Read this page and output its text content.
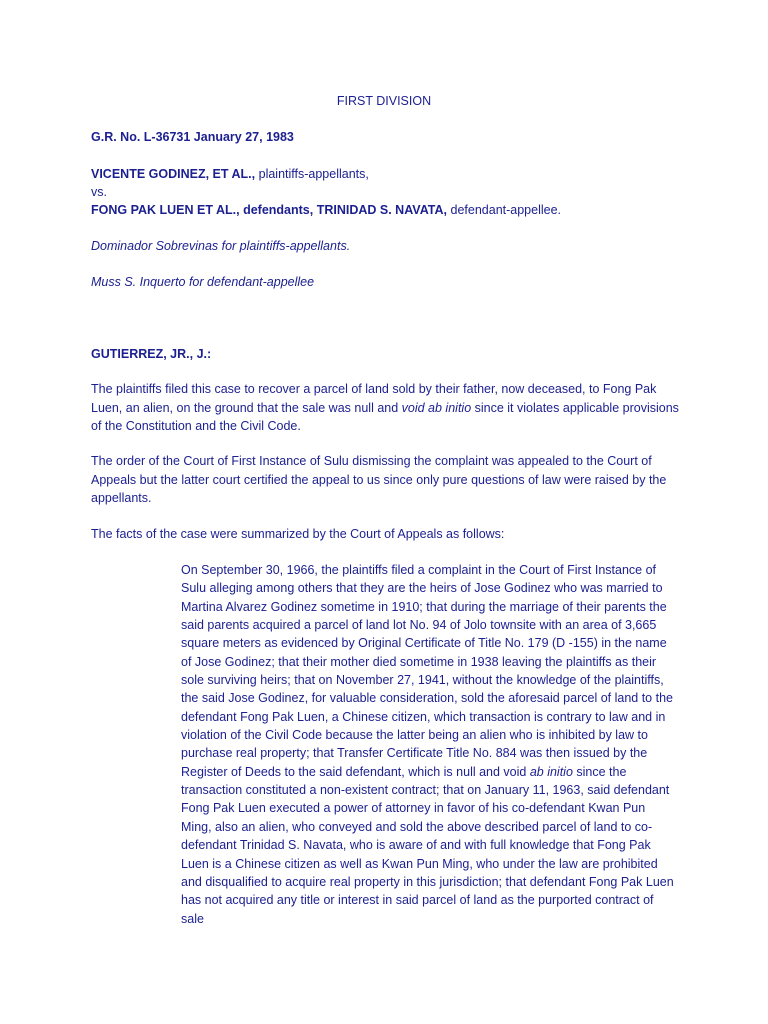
FIRST DIVISION
G.R. No. L-36731 January 27, 1983
VICENTE GODINEZ, ET AL., plaintiffs-appellants,
vs.
FONG PAK LUEN ET AL., defendants, TRINIDAD S. NAVATA, defendant-appellee.
Dominador Sobrevinas for plaintiffs-appellants.
Muss S. Inquerto for defendant-appellee
GUTIERREZ, JR., J.:

The plaintiffs filed this case to recover a parcel of land sold by their father, now deceased, to Fong Pak Luen, an alien, on the ground that the sale was null and void ab initio since it violates applicable provisions of the Constitution and the Civil Code.

The order of the Court of First Instance of Sulu dismissing the complaint was appealed to the Court of Appeals but the latter court certified the appeal to us since only pure questions of law were raised by the appellants.

The facts of the case were summarized by the Court of Appeals as follows:

On September 30, 1966, the plaintiffs filed a complaint in the Court of First Instance of Sulu alleging among others that they are the heirs of Jose Godinez who was married to Martina Alvarez Godinez sometime in 1910; that during the marriage of their parents the said parents acquired a parcel of land lot No. 94 of Jolo townsite with an area of 3,665 square meters as evidenced by Original Certificate of Title No. 179 (D -155) in the name of Jose Godinez; that their mother died sometime in 1938 leaving the plaintiffs as their sole surviving heirs; that on November 27, 1941, without the knowledge of the plaintiffs, the said Jose Godinez, for valuable consideration, sold the aforesaid parcel of land to the defendant Fong Pak Luen, a Chinese citizen, which transaction is contrary to law and in violation of the Civil Code because the latter being an alien who is inhibited by law to purchase real property; that Transfer Certificate Title No. 884 was then issued by the Register of Deeds to the said defendant, which is null and void ab initio since the transaction constituted a non-existent contract; that on January 11, 1963, said defendant Fong Pak Luen executed a power of attorney in favor of his co-defendant Kwan Pun Ming, also an alien, who conveyed and sold the above described parcel of land to co-defendant Trinidad S. Navata, who is aware of and with full knowledge that Fong Pak Luen is a Chinese citizen as well as Kwan Pun Ming, who under the law are prohibited and disqualified to acquire real property in this jurisdiction; that defendant Fong Pak Luen has not acquired any title or interest in said parcel of land as the purported contract of sale
